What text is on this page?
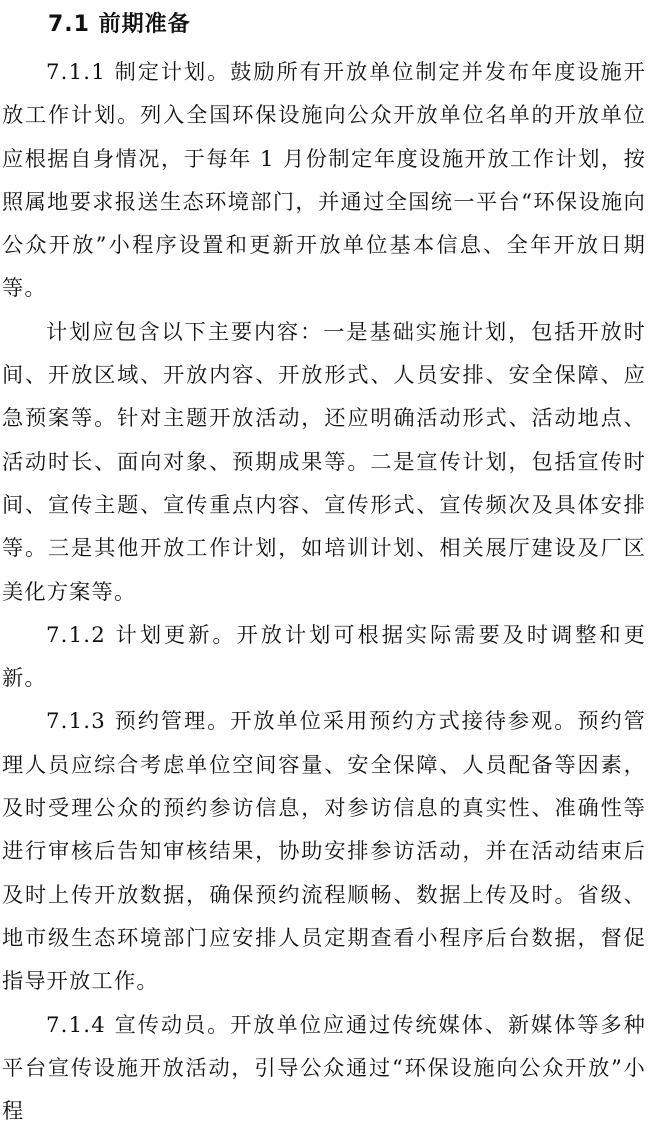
7.1 前期准备

7.1.1 制定计划。鼓励所有开放单位制定并发布年度设施开放工作计划。列入全国环保设施向公众开放单位名单的开放单位应根据自身情况，于每年 1 月份制定年度设施开放工作计划，按照属地要求报送生态环境部门，并通过全国统一平台“环保设施向公众开放”小程序设置和更新开放单位基本信息、全年开放日期等。

计划应包含以下主要内容：一是基础实施计划，包括开放时间、开放区域、开放内容、开放形式、人员安排、安全保障、应急预案等。针对主题开放活动，还应明确活动形式、活动地点、活动时长、面向对象、预期成果等。二是宣传计划，包括宣传时间、宣传主题、宣传重点内容、宣传形式、宣传频次及具体安排等。三是其他开放工作计划，如培训计划、相关展厅建设及厂区美化方案等。

7.1.2 计划更新。开放计划可根据实际需要及时调整和更新。

7.1.3 预约管理。开放单位采用预约方式接待参观。预约管理人员应综合考虑单位空间容量、安全保障、人员配备等因素，及时受理公众的预约参访信息，对参访信息的真实性、准确性等进行审核后告知审核结果，协助安排参访活动，并在活动结束后及时上传开放数据，确保预约流程顺畅、数据上传及时。省级、地市级生态环境部门应安排人员定期查看小程序后台数据，督促指导开放工作。

7.1.4 宣传动员。开放单位应通过传统媒体、新媒体等多种平台宣传设施开放活动，引导公众通过“环保设施向公众开放”小程
